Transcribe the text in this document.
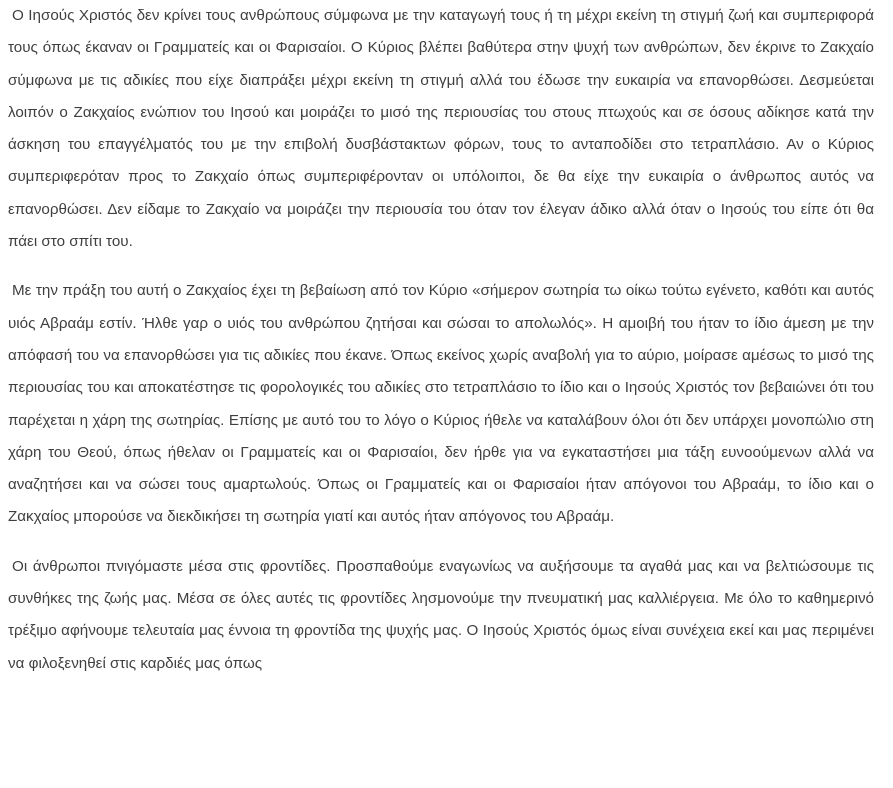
Ο Ιησούς Χριστός δεν κρίνει τους ανθρώπους σύμφωνα με την καταγωγή τους ή τη μέχρι εκείνη τη στιγμή ζωή και συμπεριφορά τους όπως έκαναν οι Γραμματείς και οι Φαρισαίοι. Ο Κύριος βλέπει βαθύτερα στην ψυχή των ανθρώπων, δεν έκρινε το Ζακχαίο σύμφωνα με τις αδικίες που είχε διαπράξει μέχρι εκείνη τη στιγμή αλλά του έδωσε την ευκαιρία να επανορθώσει. Δεσμεύεται λοιπόν ο Ζακχαίος ενώπιον του Ιησού και μοιράζει το μισό της περιουσίας του στους πτωχούς και σε όσους αδίκησε κατά την άσκηση του επαγγέλματός του με την επιβολή δυσβάστακτων φόρων, τους το ανταποδίδει στο τετραπλάσιο. Αν ο Κύριος συμπεριφερόταν προς το Ζακχαίο όπως συμπεριφέρονταν οι υπόλοιποι, δε θα είχε την ευκαιρία ο άνθρωπος αυτός να επανορθώσει. Δεν είδαμε το Ζακχαίο να μοιράζει την περιουσία του όταν τον έλεγαν άδικο αλλά όταν ο Ιησούς του είπε ότι θα πάει στο σπίτι του.

Με την πράξη του αυτή ο Ζακχαίος έχει τη βεβαίωση από τον Κύριο «σήμερον σωτηρία τω οίκω τούτω εγένετο, καθότι και αυτός υιός Αβραάμ εστίν. Ήλθε γαρ ο υιός του ανθρώπου ζητήσαι και σώσαι το απολωλός». Η αμοιβή του ήταν το ίδιο άμεση με την απόφασή του να επανορθώσει για τις αδικίες που έκανε. Όπως εκείνος χωρίς αναβολή για το αύριο, μοίρασε αμέσως το μισό της περιουσίας του και αποκατέστησε τις φορολογικές του αδικίες στο τετραπλάσιο το ίδιο και ο Ιησούς Χριστός τον βεβαιώνει ότι του παρέχεται η χάρη της σωτηρίας. Επίσης με αυτό του το λόγο ο Κύριος ήθελε να καταλάβουν όλοι ότι δεν υπάρχει μονοπώλιο στη χάρη του Θεού, όπως ήθελαν οι Γραμματείς και οι Φαρισαίοι, δεν ήρθε για να εγκαταστήσει μια τάξη ευνοούμενων αλλά να αναζητήσει και να σώσει τους αμαρτωλούς. Όπως οι Γραμματείς και οι Φαρισαίοι ήταν απόγονοι του Αβραάμ, το ίδιο και ο Ζακχαίος μπορούσε να διεκδικήσει τη σωτηρία γιατί και αυτός ήταν απόγονος του Αβραάμ.

Οι άνθρωποι πνιγόμαστε μέσα στις φροντίδες. Προσπαθούμε εναγωνίως να αυξήσουμε τα αγαθά μας και να βελτιώσουμε τις συνθήκες της ζωής μας. Μέσα σε όλες αυτές τις φροντίδες λησμονούμε την πνευματική μας καλλιέργεια. Με όλο το καθημερινό τρέξιμο αφήνουμε τελευταία μας έννοια τη φροντίδα της ψυχής μας. Ο Ιησούς Χριστός όμως είναι συνέχεια εκεί και μας περιμένει να φιλοξενηθεί στις καρδιές μας όπως
